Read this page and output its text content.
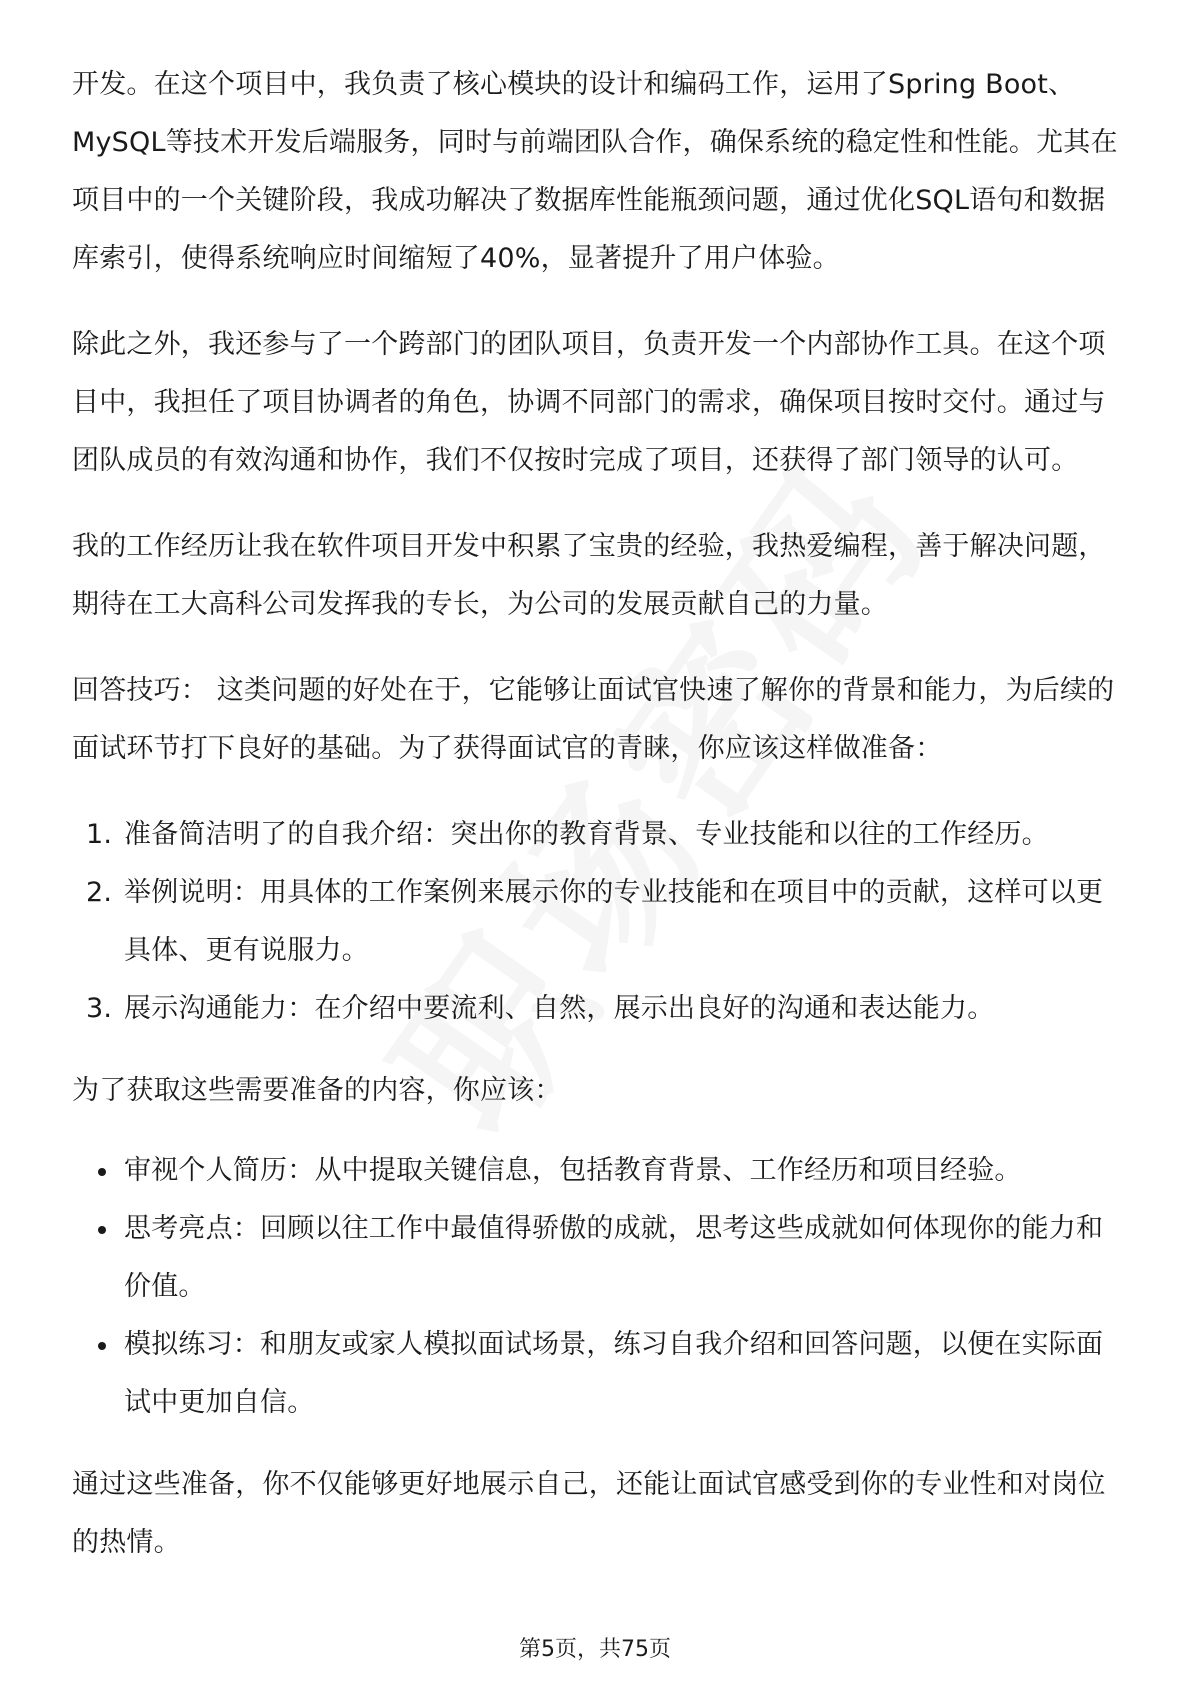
开发。在这个项目中，我负责了核心模块的设计和编码工作，运用了Spring Boot、MySQL等技术开发后端服务，同时与前端团队合作，确保系统的稳定性和性能。尤其在项目中的一个关键阶段，我成功解决了数据库性能瓶颈问题，通过优化SQL语句和数据库索引，使得系统响应时间缩短了40%，显著提升了用户体验。

除此之外，我还参与了一个跨部门的团队项目，负责开发一个内部协作工具。在这个项目中，我担任了项目协调者的角色，协调不同部门的需求，确保项目按时交付。通过与团队成员的有效沟通和协作，我们不仅按时完成了项目，还获得了部门领导的认可。

我的工作经历让我在软件项目开发中积累了宝贵的经验，我热爱编程，善于解决问题，期待在工大高科公司发挥我的专长，为公司的发展贡献自己的力量。

回答技巧： 这类问题的好处在于，它能够让面试官快速了解你的背景和能力，为后续的面试环节打下良好的基础。为了获得面试官的青睐，你应该这样做准备：

1. 准备简洁明了的自我介绍：突出你的教育背景、专业技能和以往的工作经历。
2. 举例说明：用具体的工作案例来展示你的专业技能和在项目中的贡献，这样可以更具体、更有说服力。
3. 展示沟通能力：在介绍中要流利、自然，展示出良好的沟通和表达能力。

为了获取这些需要准备的内容，你应该：

审视个人简历：从中提取关键信息，包括教育背景、工作经历和项目经验。
思考亮点：回顾以往工作中最值得骄傲的成就，思考这些成就如何体现你的能力和价值。
模拟练习：和朋友或家人模拟面试场景，练习自我介绍和回答问题，以便在实际面试中更加自信。

通过这些准备，你不仅能够更好地展示自己，还能让面试官感受到你的专业性和对岗位的热情。

第5页，共75页
